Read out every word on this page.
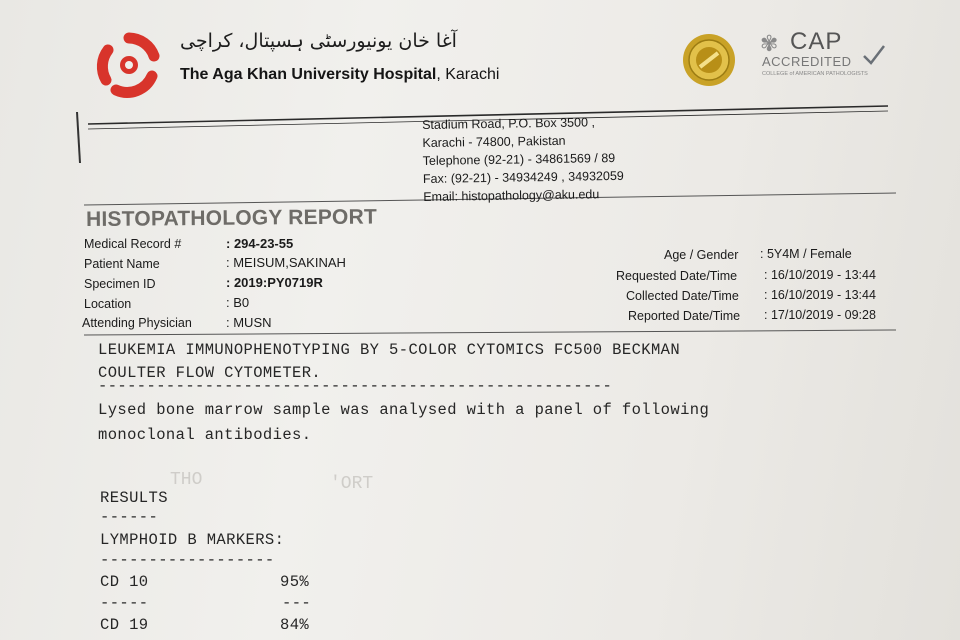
آغا خان یونیورسٹی ہسپتال، کراچی
The Aga Khan University Hospital, Karachi
✾ CAP
ACCREDITED
COLLEGE of AMERICAN PATHOLOGISTS
Stadium Road, P.O. Box 3500 ,
Karachi - 74800, Pakistan
Telephone (92-21) - 34861569 / 89
Fax: (92-21) - 34934249 , 34932059
Email: histopathology@aku.edu
HISTOPATHOLOGY REPORT
Medical Record #	: 294-23-55
Patient Name	: MEISUM,SAKINAH
Specimen ID	: 2019:PY0719R
Location	: B0
Attending Physician	: MUSN
Age / Gender : 5Y4M / Female
Requested Date/Time : 16/10/2019 - 13:44
Collected Date/Time : 16/10/2019 - 13:44
Reported Date/Time : 17/10/2019 - 09:28
LEUKEMIA IMMUNOPHENOTYPING BY 5-COLOR CYTOMICS FC500 BECKMAN
COULTER FLOW CYTOMETER.
-----------------------------------------------------
Lysed bone marrow sample was analysed with a panel of following
monoclonal antibodies.
THO	'ORT
RESULTS
------
LYMPHOID B MARKERS:
------------------
CD 10	95%
-----	---
CD 19	84%
